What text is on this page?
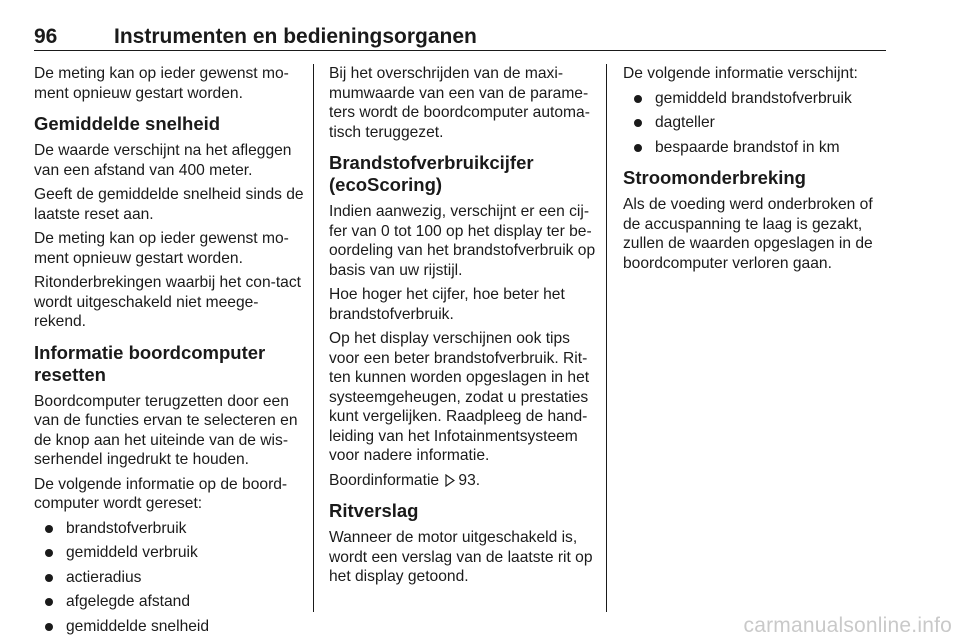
96	Instrumenten en bedieningsorganen

De meting kan op ieder gewenst mo-ment opnieuw gestart worden.

Gemiddelde snelheid

De waarde verschijnt na het afleggen van een afstand van 400 meter.

Geeft de gemiddelde snelheid sinds de laatste reset aan.

De meting kan op ieder gewenst mo-ment opnieuw gestart worden.

Ritonderbrekingen waarbij het con-tact wordt uitgeschakeld niet meege-rekend.

Informatie boordcomputer resetten

Boordcomputer terugzetten door een van de functies ervan te selecteren en de knop aan het uiteinde van de wis-serhendel ingedrukt te houden.

De volgende informatie op de boord-computer wordt gereset:

brandstofverbruik
gemiddeld verbruik
actieradius
afgelegde afstand
gemiddelde snelheid

Bij het overschrijden van de maxi-mumwaarde van een van de parame-ters wordt de boordcomputer automa-tisch teruggezet.

Brandstofverbruikcijfer (ecoScoring)

Indien aanwezig, verschijnt er een cij-fer van 0 tot 100 op het display ter be-oordeling van het brandstofverbruik op basis van uw rijstijl.

Hoe hoger het cijfer, hoe beter het brandstofverbruik.

Op het display verschijnen ook tips voor een beter brandstofverbruik. Rit-ten kunnen worden opgeslagen in het systeemgeheugen, zodat u prestaties kunt vergelijken. Raadpleeg de hand-leiding van het Infotainmentsysteem voor nadere informatie.

Boordinformatie 93.

Ritverslag

Wanneer de motor uitgeschakeld is, wordt een verslag van de laatste rit op het display getoond.

De volgende informatie verschijnt:

gemiddeld brandstofverbruik
dagteller
bespaarde brandstof in km
Stroomonderbreking

Als de voeding werd onderbroken of de accuspanning te laag is gezakt, zullen de waarden opgeslagen in de boordcomputer verloren gaan.

carmanualsonline.info
